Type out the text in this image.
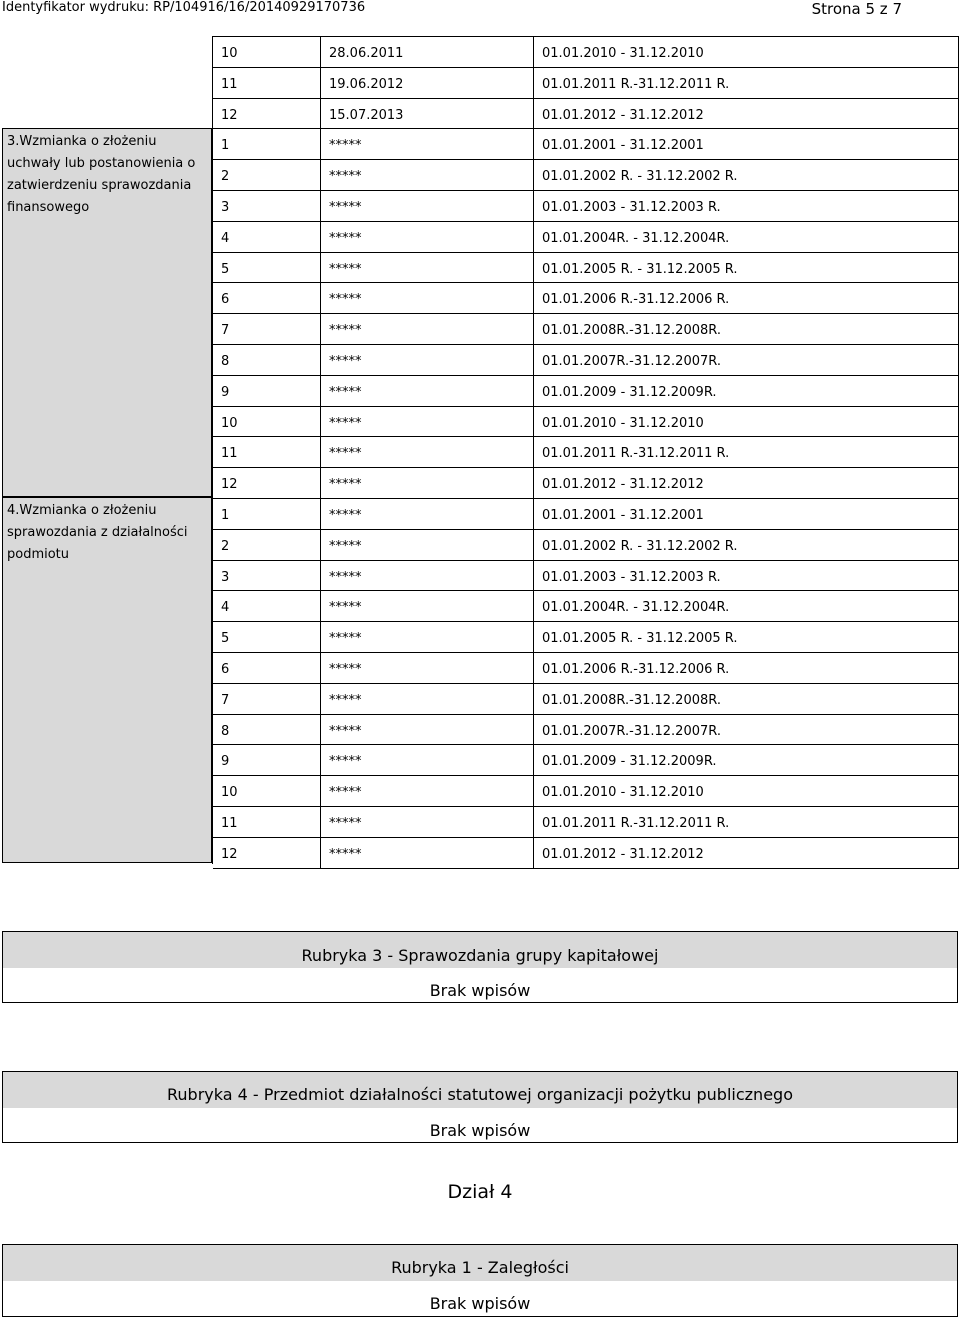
Identyfikator wydruku: RP/104916/16/20140929170736	Strona 5 z 7
3.Wzmianka o złożeniu uchwały lub postanowienia o zatwierdzeniu sprawozdania finansowego
4.Wzmianka o złożeniu sprawozdania z działalności podmiotu
10	28.06.2011	01.01.2010 - 31.12.2010
11	19.06.2012	01.01.2011 R.-31.12.2011 R.
12	15.07.2013	01.01.2012 - 31.12.2012
1	*****	01.01.2001 - 31.12.2001
2	*****	01.01.2002 R. - 31.12.2002 R.
3	*****	01.01.2003 - 31.12.2003 R.
4	*****	01.01.2004R. - 31.12.2004R.
5	*****	01.01.2005 R. - 31.12.2005 R.
6	*****	01.01.2006 R.-31.12.2006 R.
7	*****	01.01.2008R.-31.12.2008R.
8	*****	01.01.2007R.-31.12.2007R.
9	*****	01.01.2009 - 31.12.2009R.
10	*****	01.01.2010 - 31.12.2010
11	*****	01.01.2011 R.-31.12.2011 R.
12	*****	01.01.2012 - 31.12.2012
1	*****	01.01.2001 - 31.12.2001
2	*****	01.01.2002 R. - 31.12.2002 R.
3	*****	01.01.2003 - 31.12.2003 R.
4	*****	01.01.2004R. - 31.12.2004R.
5	*****	01.01.2005 R. - 31.12.2005 R.
6	*****	01.01.2006 R.-31.12.2006 R.
7	*****	01.01.2008R.-31.12.2008R.
8	*****	01.01.2007R.-31.12.2007R.
9	*****	01.01.2009 - 31.12.2009R.
10	*****	01.01.2010 - 31.12.2010
11	*****	01.01.2011 R.-31.12.2011 R.
12	*****	01.01.2012 - 31.12.2012
Rubryka 3 - Sprawozdania grupy kapitałowej
Brak wpisów
Rubryka 4 - Przedmiot działalności statutowej organizacji pożytku publicznego
Brak wpisów
Dział 4
Rubryka 1 - Zaległości
Brak wpisów
